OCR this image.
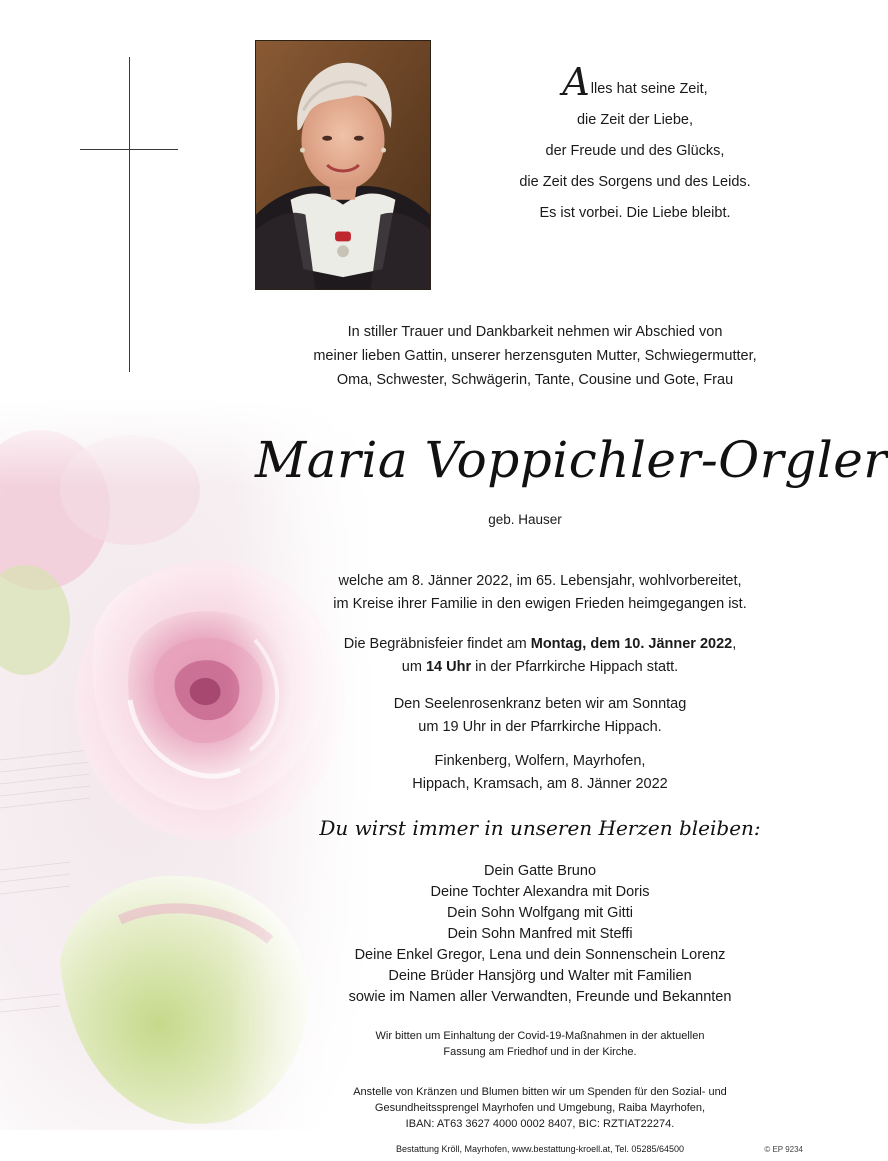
Alles hat seine Zeit,
die Zeit der Liebe,
der Freude und des Glücks,
die Zeit des Sorgens und des Leids.
Es ist vorbei. Die Liebe bleibt.
In stiller Trauer und Dankbarkeit nehmen wir Abschied von
meiner lieben Gattin, unserer herzensguten Mutter, Schwiegermutter,
Oma, Schwester, Schwägerin, Tante, Cousine und Gote, Frau
Maria Voppichler-Orgler
geb. Hauser
welche am 8. Jänner 2022, im 65. Lebensjahr, wohlvorbereitet,
im Kreise ihrer Familie in den ewigen Frieden heimgegangen ist.
Die Begräbnisfeier findet am Montag, dem 10. Jänner 2022,
um 14 Uhr in der Pfarrkirche Hippach statt.
Den Seelenrosenkranz beten wir am Sonntag
um 19 Uhr in der Pfarrkirche Hippach.
Finkenberg, Wolfern, Mayrhofen,
Hippach, Kramsach, am 8. Jänner 2022
Du wirst immer in unseren Herzen bleiben:
Dein Gatte Bruno
Deine Tochter Alexandra mit Doris
Dein Sohn Wolfgang mit Gitti
Dein Sohn Manfred mit Steffi
Deine Enkel Gregor, Lena und dein Sonnenschein Lorenz
Deine Brüder Hansjörg und Walter mit Familien
sowie im Namen aller Verwandten, Freunde und Bekannten
Wir bitten um Einhaltung der Covid-19-Maßnahmen in der aktuellen
Fassung am Friedhof und in der Kirche.
Anstelle von Kränzen und Blumen bitten wir um Spenden für den Sozial- und
Gesundheitssprengel Mayrhofen und Umgebung, Raiba Mayrhofen,
IBAN: AT63 3627 4000 0002 8407, BIC: RZTIAT22274.
Bestattung Kröll, Mayrhofen, www.bestattung-kroell.at, Tel. 05285/64500	© EP 9234
